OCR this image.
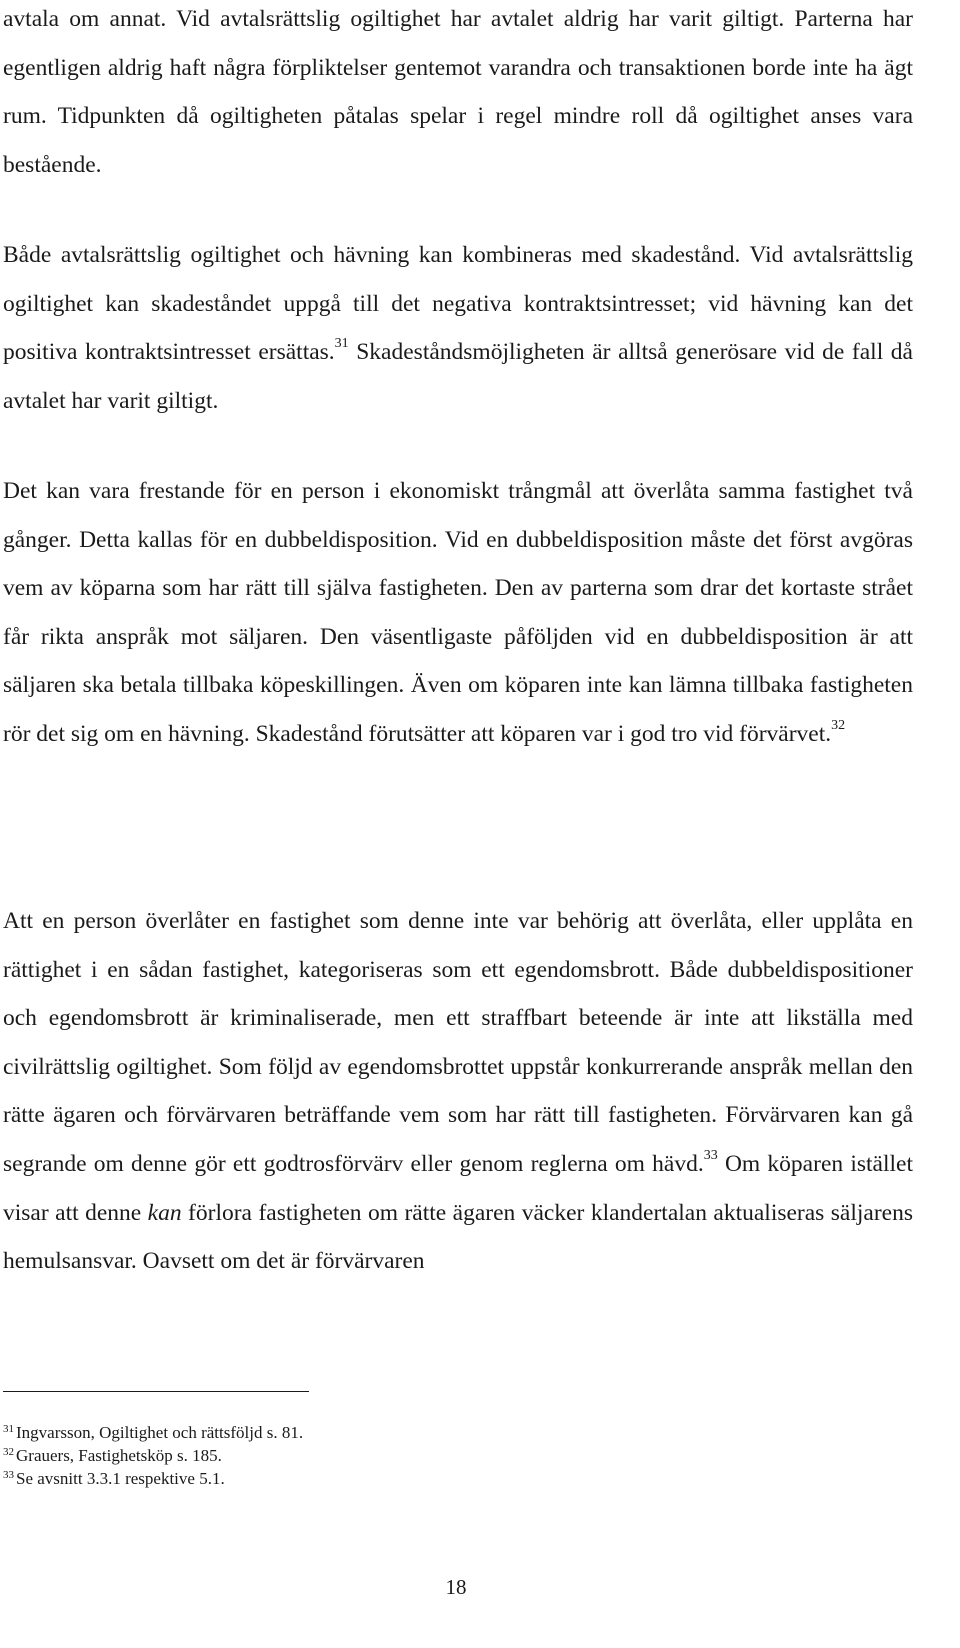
avtala om annat. Vid avtalsrättslig ogiltighet har avtalet aldrig har varit giltigt. Parterna har egentligen aldrig haft några förpliktelser gentemot varandra och transaktionen borde inte ha ägt rum. Tidpunkten då ogiltigheten påtalas spelar i regel mindre roll då ogiltighet anses vara bestående.

Både avtalsrättslig ogiltighet och hävning kan kombineras med skadestånd. Vid avtalsrättslig ogiltighet kan skadeståndet uppgå till det negativa kontraktsintresset; vid hävning kan det positiva kontraktsintresset ersättas.$^{31}$ Skadeståndsmöjligheten är alltså generösare vid de fall då avtalet har varit giltigt.

Det kan vara frestande för en person i ekonomiskt trångmål att överlåta samma fastighet två gånger. Detta kallas för en dubbeldisposition. Vid en dubbeldisposition måste det först avgöras vem av köparna som har rätt till själva fastigheten. Den av parterna som drar det kortaste strået får rikta anspråk mot säljaren. Den väsentligaste påföljden vid en dubbeldisposition är att säljaren ska betala tillbaka köpeskillingen. Även om köparen inte kan lämna tillbaka fastigheten rör det sig om en hävning. Skadestånd förutsätter att köparen var i god tro vid förvärvet.$^{32}$

Att en person överlåter en fastighet som denne inte var behörig att överlåta, eller upplåta en rättighet i en sådan fastighet, kategoriseras som ett egendomsbrott. Både dubbeldispositioner och egendomsbrott är kriminaliserade, men ett straffbart beteende är inte att likställa med civilrättslig ogiltighet. Som följd av egendomsbrottet uppstår konkurrerande anspråk mellan den rätte ägaren och förvärvaren beträffande vem som har rätt till fastigheten. Förvärvaren kan gå segrande om denne gör ett godtrosförvärv eller genom reglerna om hävd.$^{33}$ Om köparen istället visar att denne kan förlora fastigheten om rätte ägaren väcker klandertalan aktualiseras säljarens hemulsansvar. Oavsett om det är förvärvaren

$^{31}$ Ingvarsson, Ogiltighet och rättsföljd s. 81.

$^{32}$ Grauers, Fastighetsköp s. 185.

$^{33}$ Se avsnitt 3.3.1 respektive 5.1.

18
